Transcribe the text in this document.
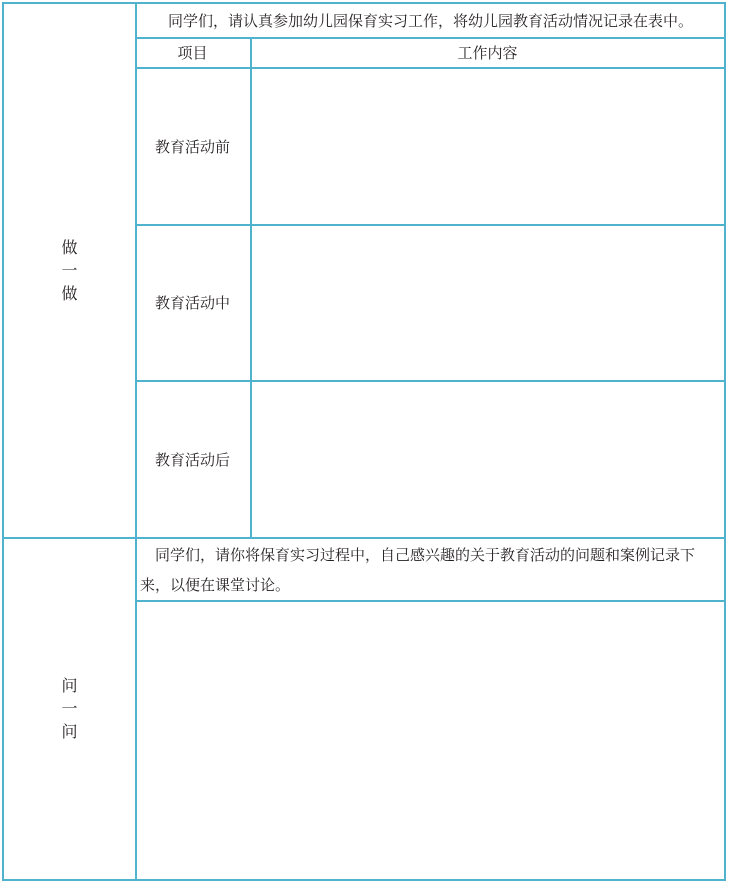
做
一
做
同学们，请认真参加幼儿园保育实习工作，将幼儿园教育活动情况记录在表中。
项目	工作内容
教育活动前
教育活动中
教育活动后
问
一
问
同学们，请你将保育实习过程中，自己感兴趣的关于教育活动的问题和案例记录下来，以便在课堂讨论。
